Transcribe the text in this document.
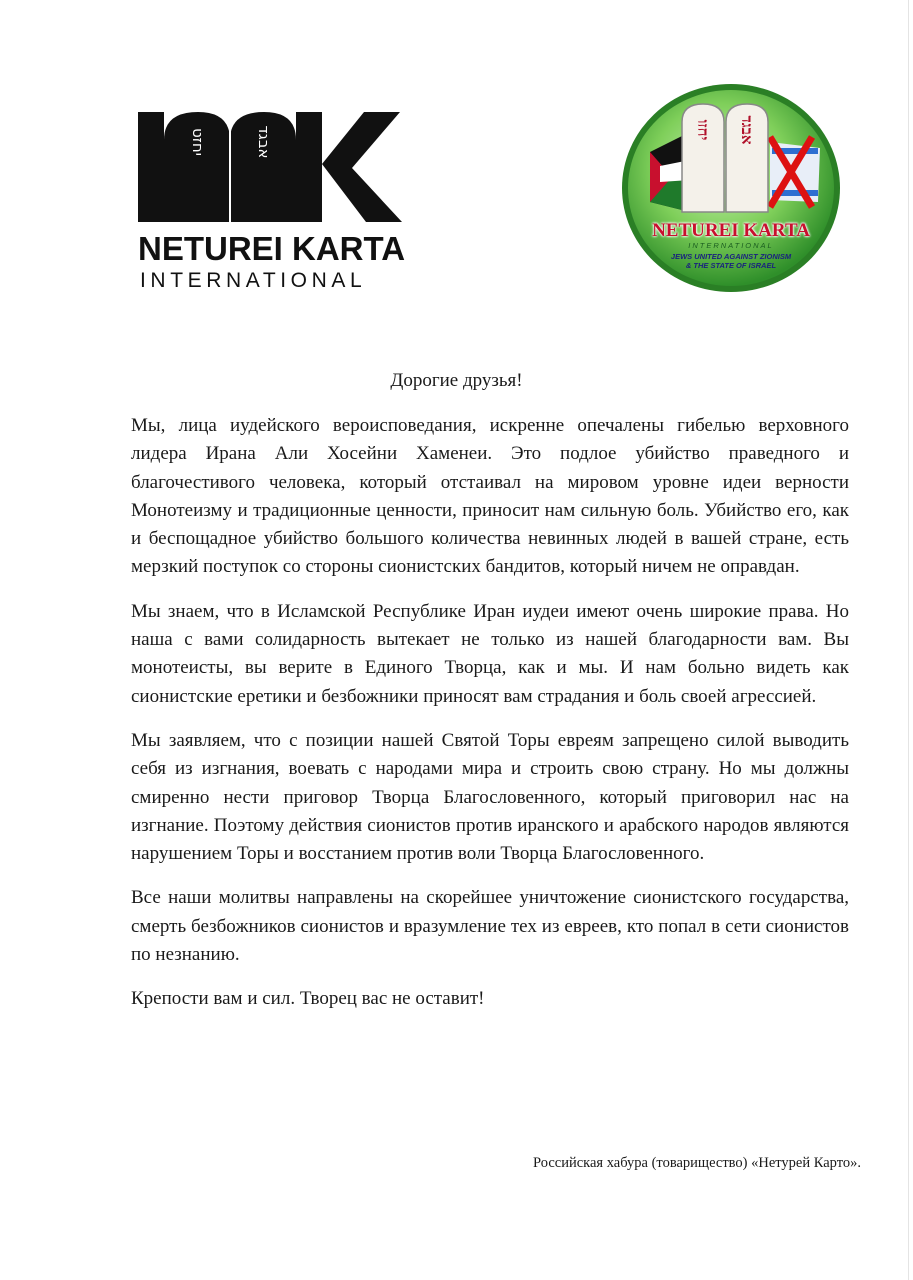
יחזט	אבגד
NETUREI KARTA
INTERNATIONAL
יחזו אבגד
NETUREI KARTA
INTERNATIONAL
JEWS UNITED AGAINST ZIONISM
& THE STATE OF ISRAEL
Дорогие друзья!

Мы, лица иудейского вероисповедания, искренне опечалены гибелью верховного лидера Ирана Али Хосейни Хаменеи. Это подлое убийство праведного и благочестивого человека, который отстаивал на мировом уровне идеи верности Монотеизму и традиционные ценности, приносит нам сильную боль. Убийство его, как и беспощадное убийство большого количества невинных людей в вашей стране, есть мерзкий поступок со стороны сионистских бандитов, который ничем не оправдан.

Мы знаем, что в Исламской Республике Иран иудеи имеют очень широкие права. Но наша с вами солидарность вытекает не только из нашей благодарности вам. Вы монотеисты, вы верите в Единого Творца, как и мы. И нам больно видеть как сионистские еретики и безбожники приносят вам страдания и боль своей агрессией.

Мы заявляем, что с позиции нашей Святой Торы евреям запрещено силой выводить себя из изгнания, воевать с народами мира и строить свою страну. Но мы должны смиренно нести приговор Творца Благословенного, который приговорил нас на изгнание. Поэтому действия сионистов против иранского и арабского народов являются нарушением Торы и восстанием против воли Творца Благословенного.

Все наши молитвы направлены на скорейшее уничтожение сионистского государства, смерть безбожников сионистов и вразумление тех из евреев, кто попал в сети сионистов по незнанию.

Крепости вам и сил. Творец вас не оставит!

Российская хабура (товарищество) «Нетурей Карто».
